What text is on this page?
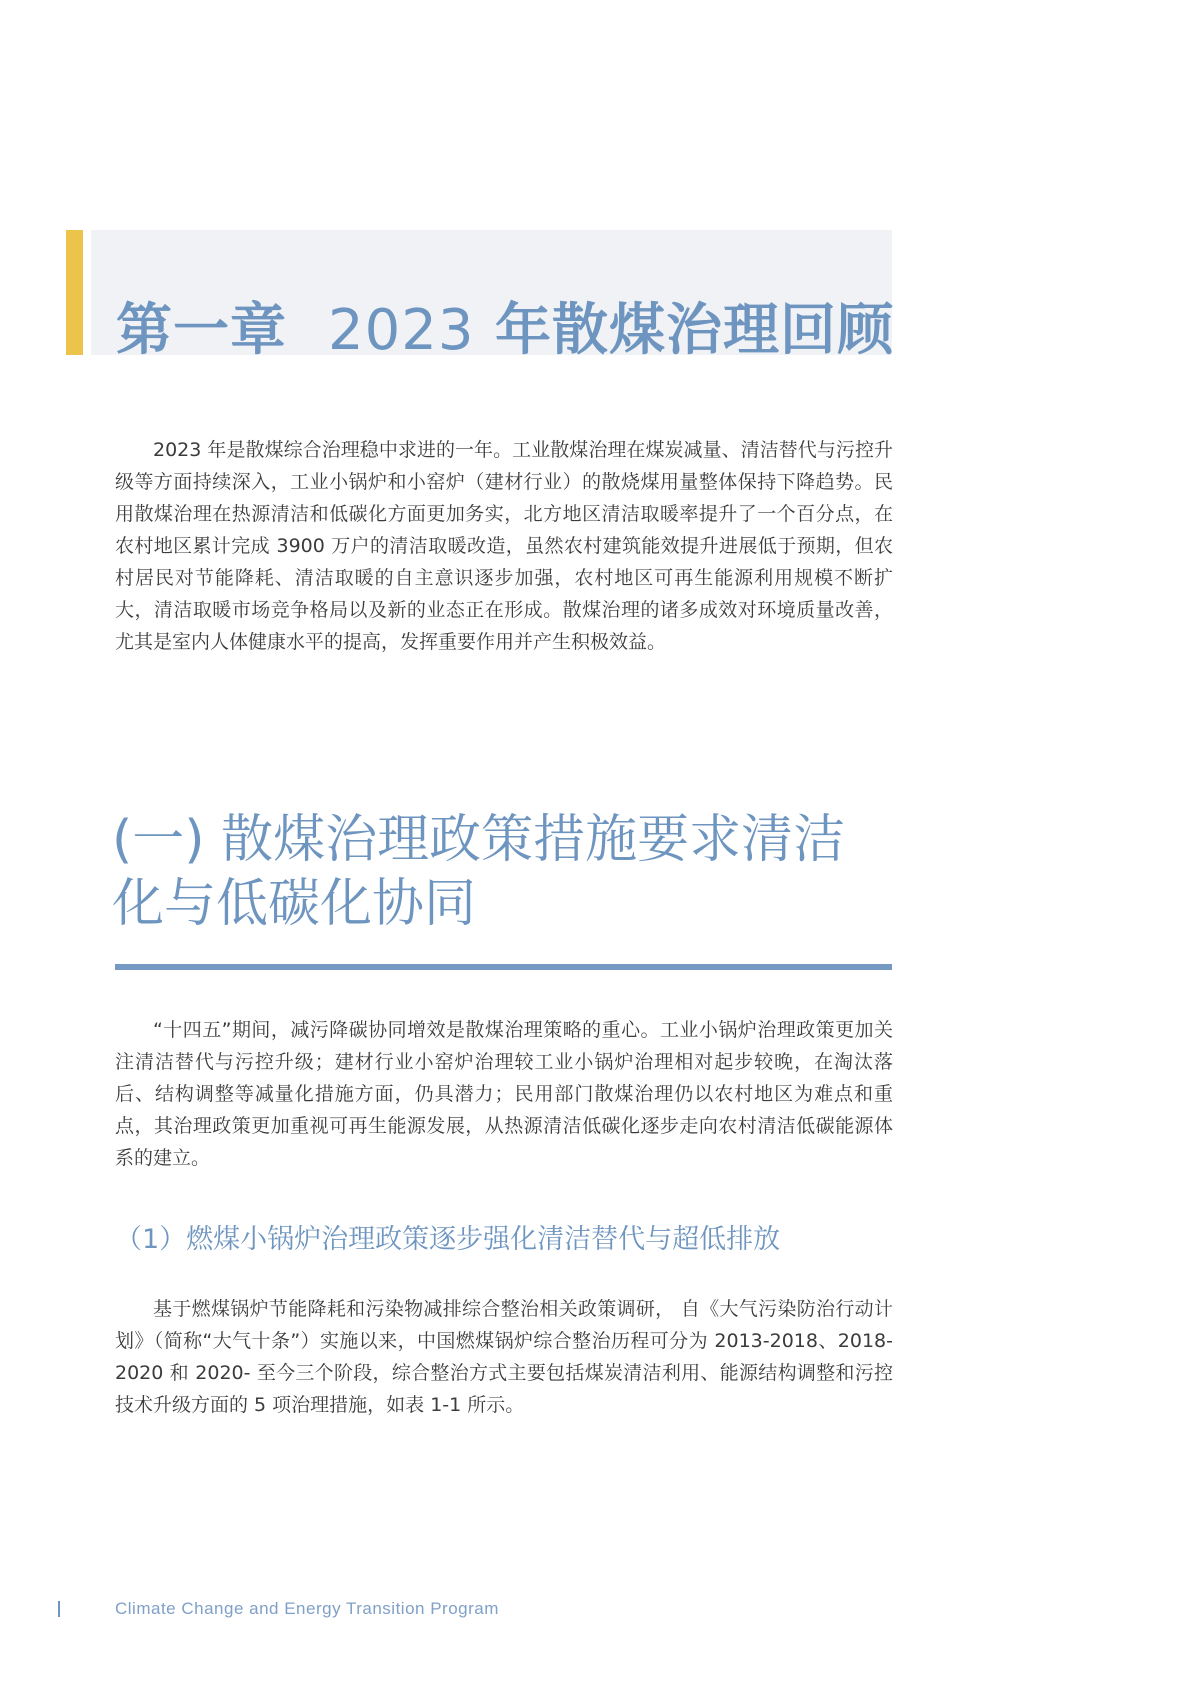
第一章 2023 年散煤治理回顾

2023 年是散煤综合治理稳中求进的一年。工业散煤治理在煤炭减量、清洁替代与污控升级等方面持续深入，工业小锅炉和小窑炉（建材行业）的散烧煤用量整体保持下降趋势。民用散煤治理在热源清洁和低碳化方面更加务实，北方地区清洁取暖率提升了一个百分点，在农村地区累计完成 3900 万户的清洁取暖改造，虽然农村建筑能效提升进展低于预期，但农村居民对节能降耗、清洁取暖的自主意识逐步加强，农村地区可再生能源利用规模不断扩大，清洁取暖市场竞争格局以及新的业态正在形成。散煤治理的诸多成效对环境质量改善，尤其是室内人体健康水平的提高，发挥重要作用并产生积极效益。

(一) 散煤治理政策措施要求清洁化与低碳化协同

“十四五”期间，减污降碳协同增效是散煤治理策略的重心。工业小锅炉治理政策更加关注清洁替代与污控升级；建材行业小窑炉治理较工业小锅炉治理相对起步较晚，在淘汰落后、结构调整等减量化措施方面，仍具潜力；民用部门散煤治理仍以农村地区为难点和重点，其治理政策更加重视可再生能源发展，从热源清洁低碳化逐步走向农村清洁低碳能源体系的建立。

（1）燃煤小锅炉治理政策逐步强化清洁替代与超低排放

基于燃煤锅炉节能降耗和污染物减排综合整治相关政策调研， 自《大气污染防治行动计划》（简称“大气十条”）实施以来，中国燃煤锅炉综合整治历程可分为 2013-2018、2018-2020 和 2020- 至今三个阶段，综合整治方式主要包括煤炭清洁利用、能源结构调整和污控技术升级方面的 5 项治理措施，如表 1-1 所示。

Climate Change and Energy Transition Program
